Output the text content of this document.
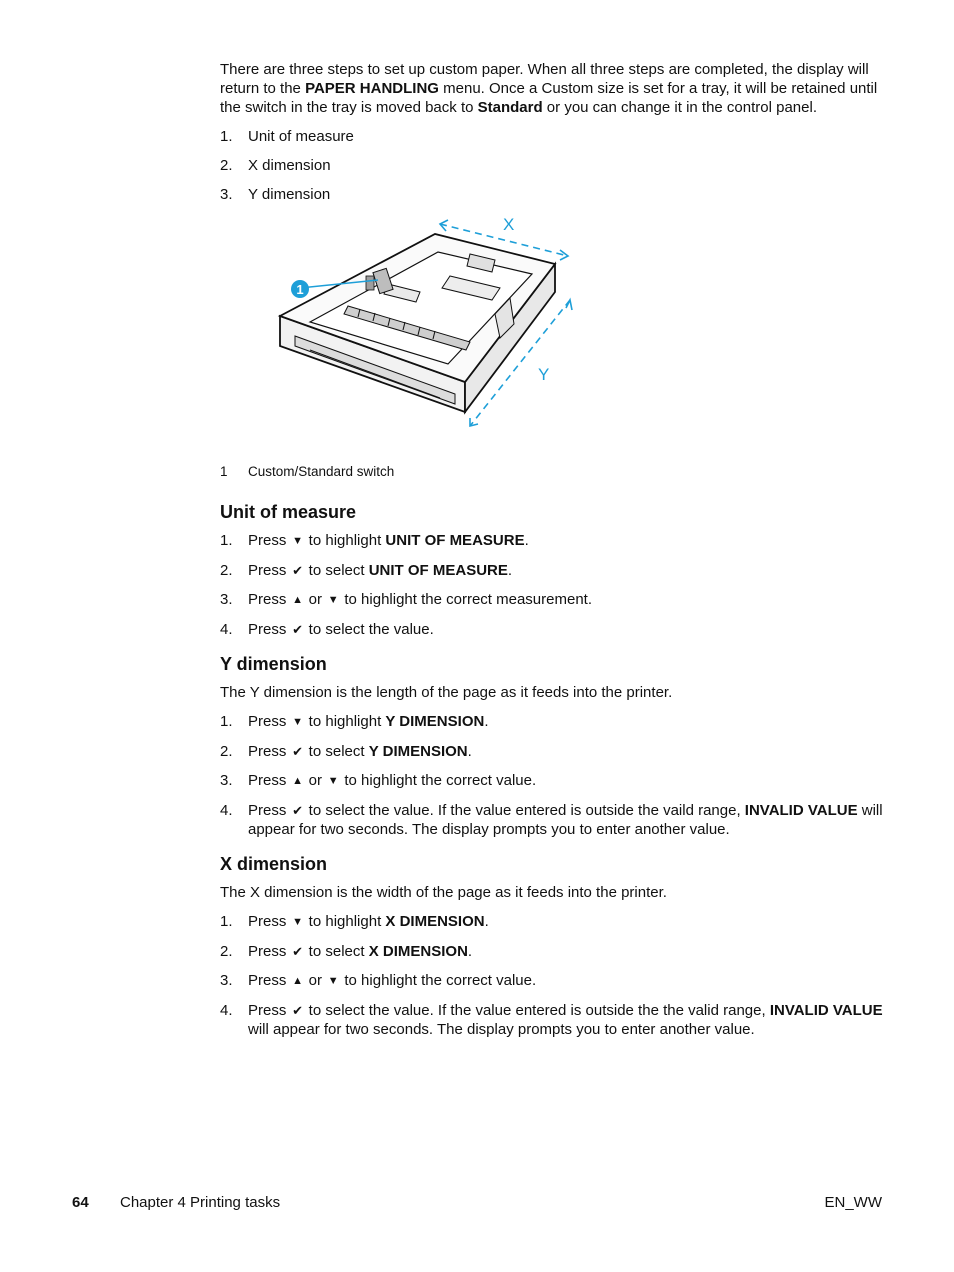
There are three steps to set up custom paper. When all three steps are completed, the display will return to the PAPER HANDLING menu. Once a Custom size is set for a tray, it will be retained until the switch in the tray is moved back to Standard or you can change it in the control panel.

1. Unit of measure
2. X dimension
3. Y dimension
1
X
Y
1 Custom/Standard switch
Unit of measure
1. Press ▼ to highlight UNIT OF MEASURE.
2. Press ✔ to select UNIT OF MEASURE.
3. Press ▲ or ▼ to highlight the correct measurement.
4. Press ✔ to select the value.
Y dimension

The Y dimension is the length of the page as it feeds into the printer.

1. Press ▼ to highlight Y DIMENSION.
2. Press ✔ to select Y DIMENSION.
3. Press ▲ or ▼ to highlight the correct value.
4. Press ✔ to select the value. If the value entered is outside the vaild range, INVALID VALUE will appear for two seconds. The display prompts you to enter another value.
X dimension

The X dimension is the width of the page as it feeds into the printer.

1. Press ▼ to highlight X DIMENSION.
2. Press ✔ to select X DIMENSION.
3. Press ▲ or ▼ to highlight the correct value.
4. Press ✔ to select the value. If the value entered is outside the the valid range, INVALID VALUE will appear for two seconds. The display prompts you to enter another value.
64 Chapter 4 Printing tasks	EN_WW
